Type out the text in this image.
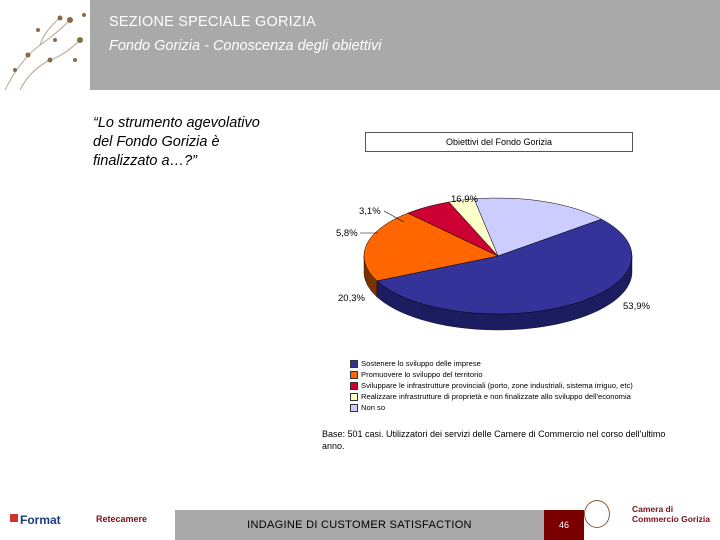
SEZIONE SPECIALE GORIZIA
Fondo Gorizia - Conoscenza degli obiettivi
“Lo strumento agevolativo del Fondo Gorizia è finalizzato a…?”
Obiettivi del Fondo Gorizia
53,9%
20,3%
5,8%
3,1%
16,9%
Sostenere lo sviluppo delle imprese
Promuovere lo sviluppo del territorio
Sviluppare le infrastrutture provinciali (porto, zone industriali, sistema irriguo, etc)
Realizzare infrastrutture di proprietà e non finalizzate allo sviluppo dell'economia
Non so
Base: 501 casi. Utilizzatori dei servizi delle Camere di Commercio nel corso dell'ultimo anno.
Format	Retecamere	INDAGINE DI CUSTOMER SATISFACTION	46
Camera di Commercio Gorizia
